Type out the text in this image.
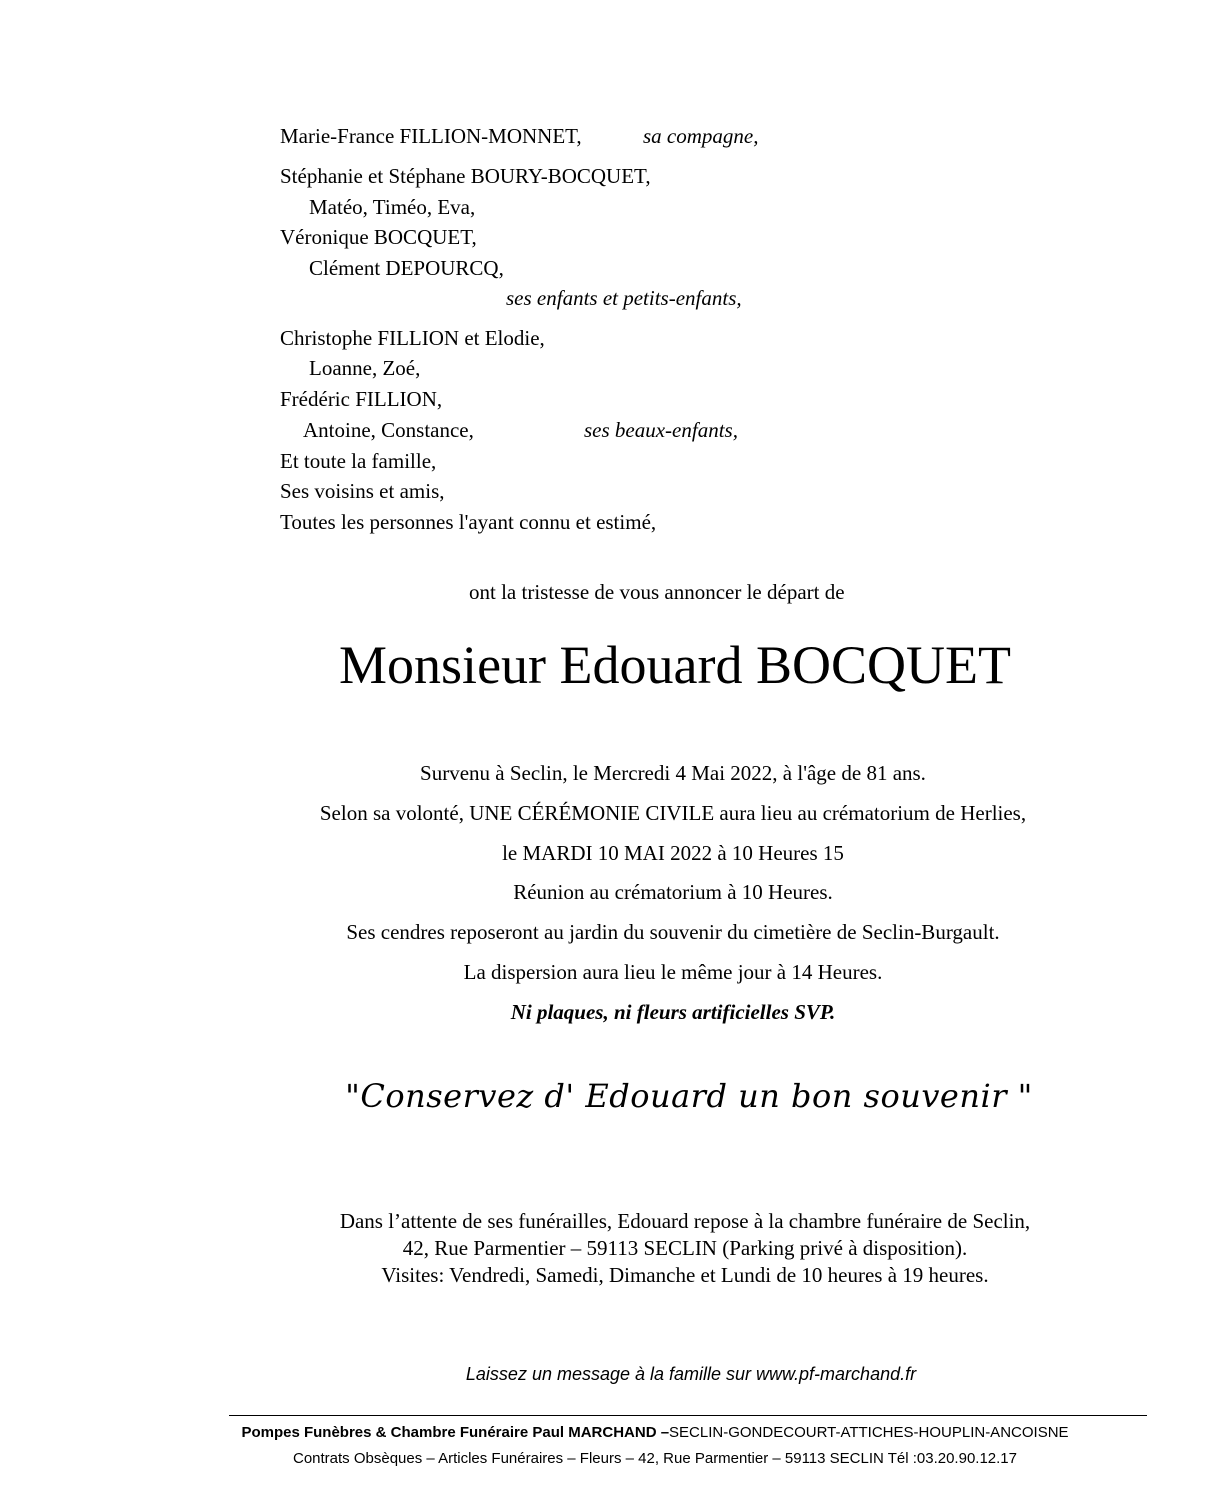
Marie-France FILLION-MONNET,	sa compagne,
Stéphanie et Stéphane BOURY-BOCQUET,
Matéo, Timéo, Eva,
Véronique BOCQUET,
Clément DEPOURCQ,
ses enfants et petits-enfants,
Christophe FILLION et Elodie,
Loanne, Zoé,
Frédéric FILLION,
Antoine, Constance,	ses beaux-enfants,
Et toute la famille,
Ses voisins et amis,
Toutes les personnes l'ayant connu et estimé,
ont la tristesse de vous annoncer le départ de
Monsieur Edouard BOCQUET
Survenu à Seclin, le Mercredi 4 Mai 2022, à l'âge de 81 ans.
Selon sa volonté, UNE CÉRÉMONIE CIVILE aura lieu au crématorium de Herlies,
le MARDI 10 MAI 2022 à 10 Heures 15
Réunion au crématorium à 10 Heures.
Ses cendres reposeront au jardin du souvenir du cimetière de Seclin-Burgault.
La dispersion aura lieu le même jour à 14 Heures.
Ni plaques, ni fleurs artificielles SVP.
"Conservez d' Edouard un bon souvenir "
Dans l’attente de ses funérailles, Edouard repose à la chambre funéraire de Seclin,
42, Rue Parmentier – 59113 SECLIN (Parking privé à disposition).
Visites: Vendredi, Samedi, Dimanche et Lundi de 10 heures à 19 heures.
Laissez un message à la famille sur www.pf-marchand.fr
Pompes Funèbres & Chambre Funéraire Paul MARCHAND –SECLIN-GONDECOURT-ATTICHES-HOUPLIN-ANCOISNE
Contrats Obsèques – Articles Funéraires – Fleurs – 42, Rue Parmentier – 59113 SECLIN Tél :03.20.90.12.17
